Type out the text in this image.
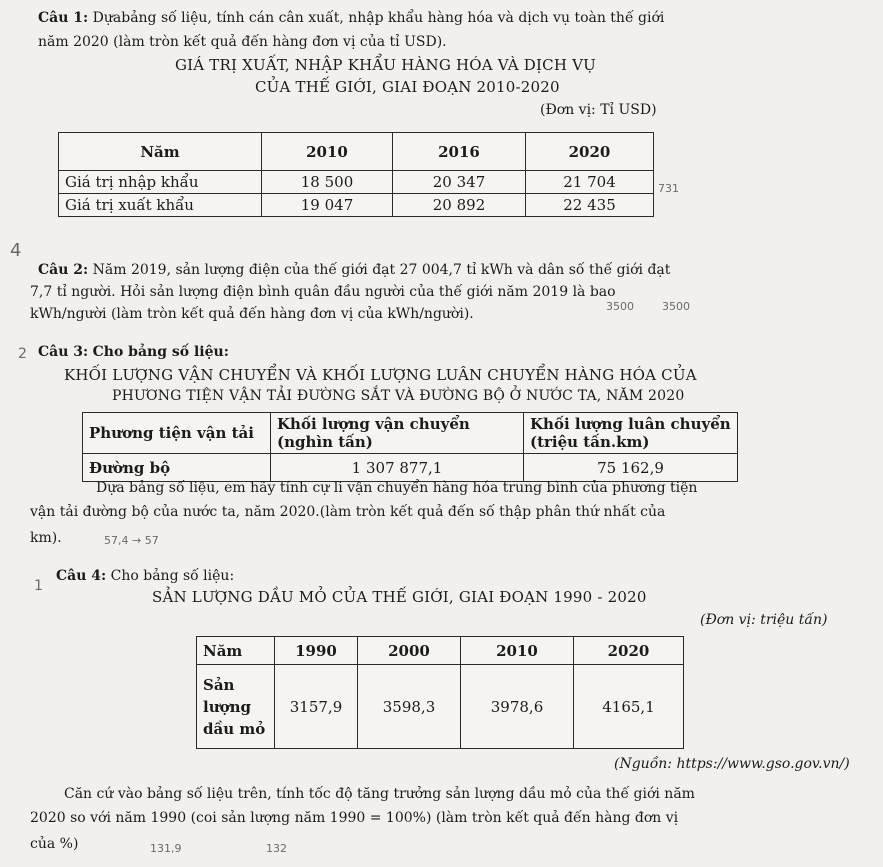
Câu 1: Dựabảng số liệu, tính cán cân xuất, nhập khẩu hàng hóa và dịch vụ toàn thế giới
năm 2020 (làm tròn kết quả đến hàng đơn vị của tỉ USD).
GIÁ TRỊ XUẤT, NHẬP KHẨU HÀNG HÓA VÀ DỊCH VỤ
CỦA THẾ GIỚI, GIAI ĐOẠN 2010-2020
(Đơn vị: Tỉ USD)
Năm	2010	2016	2020
Giá trị nhập khẩu	18 500	20 347	21 704
Giá trị xuất khẩu	19 047	20 892	22 435
731
4
Câu 2: Năm 2019, sản lượng điện của thế giới đạt 27 004,7 tỉ kWh và dân số thế giới đạt
7,7 tỉ người. Hỏi sản lượng điện bình quân đầu người của thế giới năm 2019 là bao
kWh/người (làm tròn kết quả đến hàng đơn vị của kWh/người).	3500	3500
2 Câu 3: Cho bảng số liệu:
KHỐI LƯỢNG VẬN CHUYỂN VÀ KHỐI LƯỢNG LUÂN CHUYỂN HÀNG HÓA CỦA
PHƯƠNG TIỆN VẬN TẢI ĐƯỜNG SẮT VÀ ĐƯỜNG BỘ Ở NƯỚC TA, NĂM 2020
Phương tiện vận tải	Khối lượng vận chuyển (nghìn tấn)	Khối lượng luân chuyển (triệu tấn.km)
Đường bộ	1 307 877,1	75 162,9
Dựa bảng số liệu, em hãy tính cự li vận chuyển hàng hóa trung bình của phương tiện
vận tải đường bộ của nước ta, năm 2020.(làm tròn kết quả đến số thập phân thứ nhất của
km).	57,4 → 57
1
Câu 4: Cho bảng số liệu:
SẢN LƯỢNG DẦU MỎ CỦA THẾ GIỚI, GIAI ĐOẠN 1990 - 2020
(Đơn vị: triệu tấn)
Năm	1990	2000	2010	2020
Sản lượng dầu mỏ	3157,9	3598,3	3978,6	4165,1
(Nguồn: https://www.gso.gov.vn/)
Căn cứ vào bảng số liệu trên, tính tốc độ tăng trưởng sản lượng dầu mỏ của thế giới năm
2020 so với năm 1990 (coi sản lượng năm 1990 = 100%) (làm tròn kết quả đến hàng đơn vị
của %)	131,9	132
